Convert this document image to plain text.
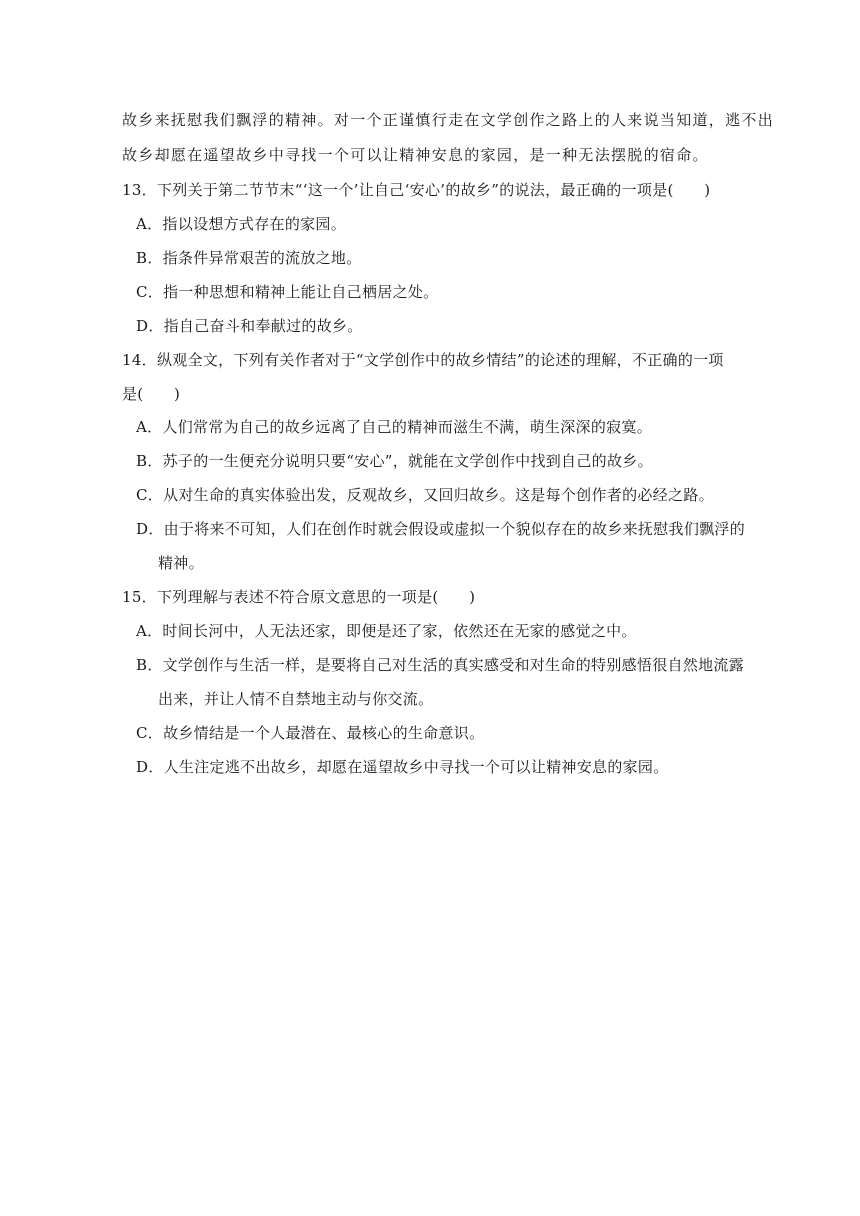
故乡来抚慰我们飘浮的精神。对一个正谨慎行走在文学创作之路上的人来说当知道，逃不出
故乡却愿在遥望故乡中寻找一个可以让精神安息的家园，是一种无法摆脱的宿命。
13．下列关于第二节节末“‘这一个’让自己‘安心’的故乡”的说法，最正确的一项是(　　)
A．指以设想方式存在的家园。
B．指条件异常艰苦的流放之地。
C．指一种思想和精神上能让自己栖居之处。
D．指自己奋斗和奉献过的故乡。
14．纵观全文，下列有关作者对于“文学创作中的故乡情结”的论述的理解，不正确的一项
是(　　)
A．人们常常为自己的故乡远离了自己的精神而滋生不满，萌生深深的寂寞。
B．苏子的一生便充分说明只要“安心”，就能在文学创作中找到自己的故乡。
C．从对生命的真实体验出发，反观故乡，又回归故乡。这是每个创作者的必经之路。
D．由于将来不可知，人们在创作时就会假设或虚拟一个貌似存在的故乡来抚慰我们飘浮的
精神。
15．下列理解与表述不符合原文意思的一项是(　　)
A．时间长河中，人无法还家，即便是还了家，依然还在无家的感觉之中。
B．文学创作与生活一样，是要将自己对生活的真实感受和对生命的特别感悟很自然地流露
出来，并让人情不自禁地主动与你交流。
C．故乡情结是一个人最潜在、最核心的生命意识。
D．人生注定逃不出故乡，却愿在遥望故乡中寻找一个可以让精神安息的家园。
